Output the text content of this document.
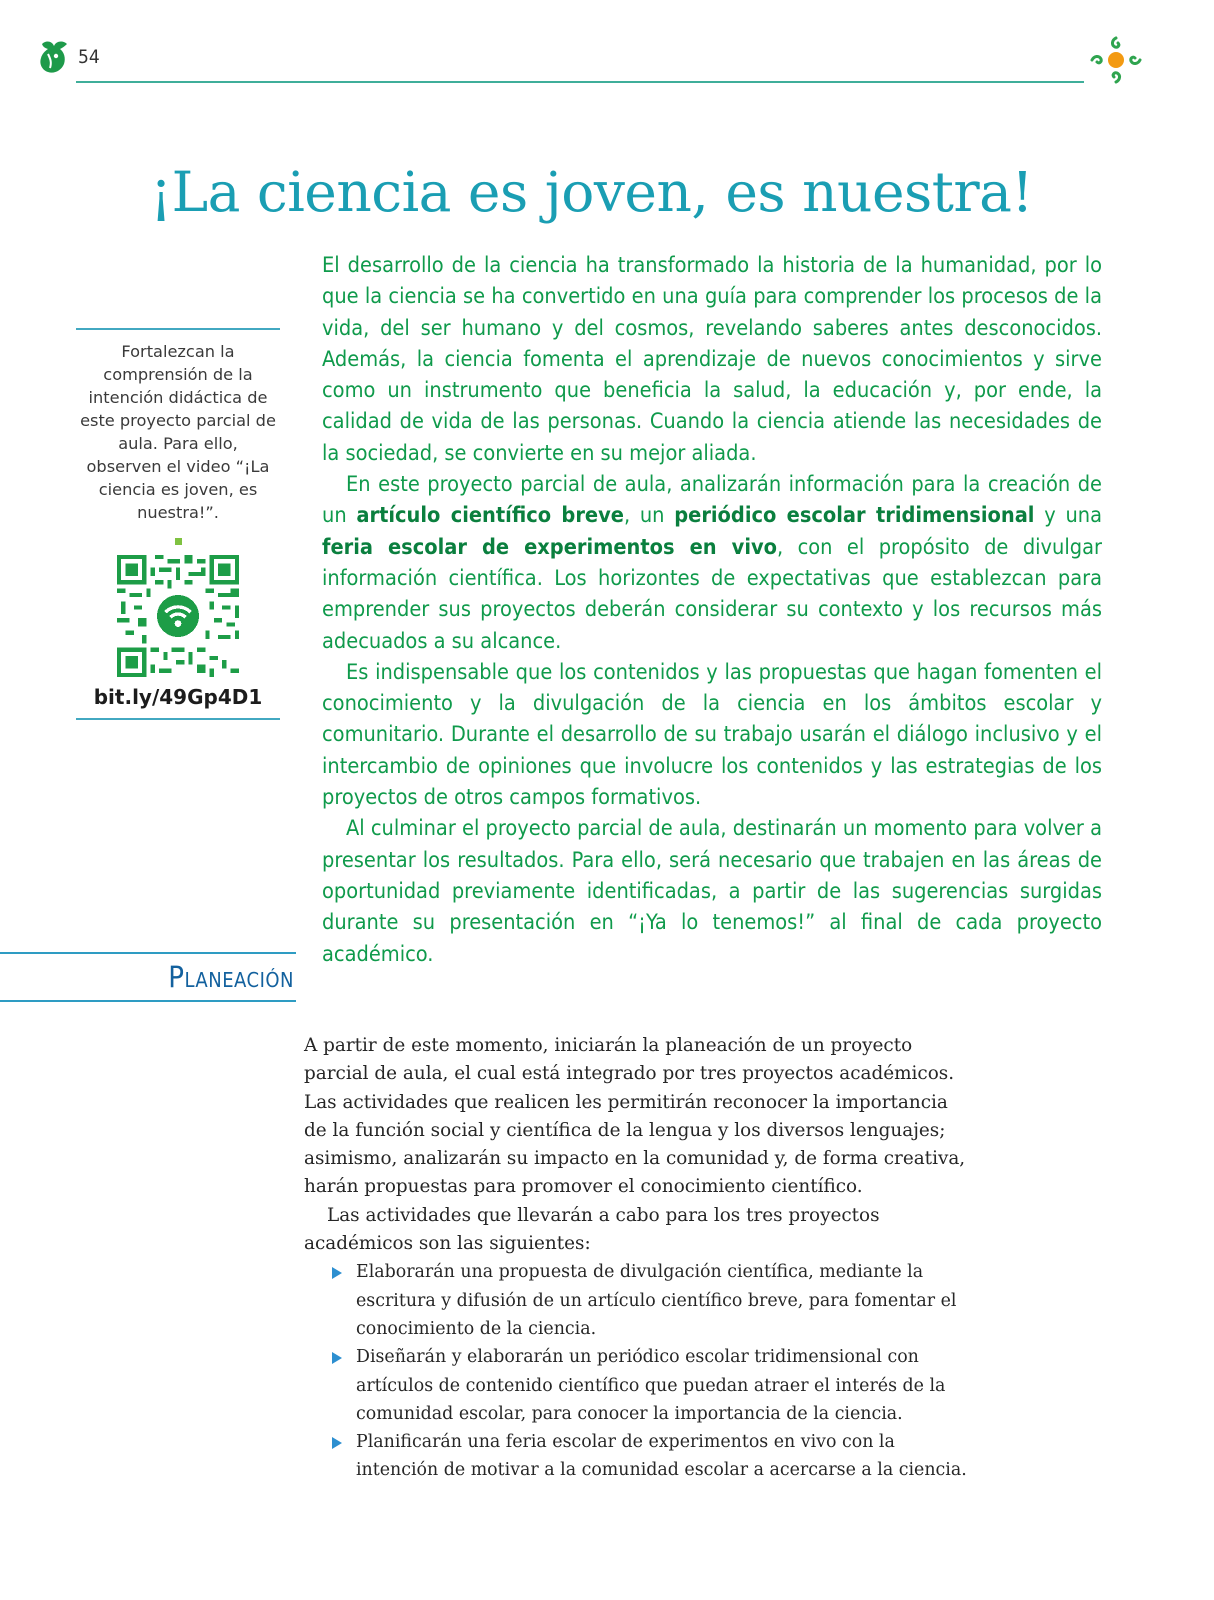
54
¡La ciencia es joven, es nuestra!
Fortalezcan la comprensión de la intención didáctica de este proyecto parcial de aula. Para ello, observen el video “¡La ciencia es joven, es nuestra!”.
bit.ly/49Gp4D1

El desarrollo de la ciencia ha transformado la historia de la humanidad, por lo que la ciencia se ha convertido en una guía para comprender los procesos de la vida, del ser humano y del cosmos, revelando saberes antes desconocidos. Además, la ciencia fomenta el aprendizaje de nuevos conocimientos y sirve como un instrumento que beneficia la salud, la educación y, por ende, la calidad de vida de las personas. Cuando la ciencia atiende las necesidades de la sociedad, se convierte en su mejor aliada.

En este proyecto parcial de aula, analizarán información para la creación de un artículo científico breve, un periódico escolar tridimensional y una feria escolar de experimentos en vivo, con el propósito de divulgar información científica. Los horizontes de expectativas que establezcan para emprender sus proyectos deberán considerar su contexto y los recursos más adecuados a su alcance.

Es indispensable que los contenidos y las propuestas que hagan fomenten el conocimiento y la divulgación de la ciencia en los ámbitos escolar y comunitario. Durante el desarrollo de su trabajo usarán el diálogo inclusivo y el intercambio de opiniones que involucre los contenidos y las estrategias de los proyectos de otros campos formativos.

Al culminar el proyecto parcial de aula, destinarán un momento para volver a presentar los resultados. Para ello, será necesario que trabajen en las áreas de oportunidad previamente identificadas, a partir de las sugerencias surgidas durante su presentación en “¡Ya lo tenemos!” al final de cada proyecto académico.

Planeación

A partir de este momento, iniciarán la planeación de un proyecto parcial de aula, el cual está integrado por tres proyectos académicos. Las actividades que realicen les permitirán reconocer la importancia de la función social y científica de la lengua y los diversos lenguajes; asimismo, analizarán su impacto en la comunidad y, de forma creativa, harán propuestas para promover el conocimiento científico.

Las actividades que llevarán a cabo para los tres proyectos académicos son las siguientes:

Elaborarán una propuesta de divulgación científica, mediante la escritura y difusión de un artículo científico breve, para fomentar el conocimiento de la ciencia.
Diseñarán y elaborarán un periódico escolar tridimensional con artículos de contenido científico que puedan atraer el interés de la comunidad escolar, para conocer la importancia de la ciencia.
Planificarán una feria escolar de experimentos en vivo con la intención de motivar a la comunidad escolar a acercarse a la ciencia.
